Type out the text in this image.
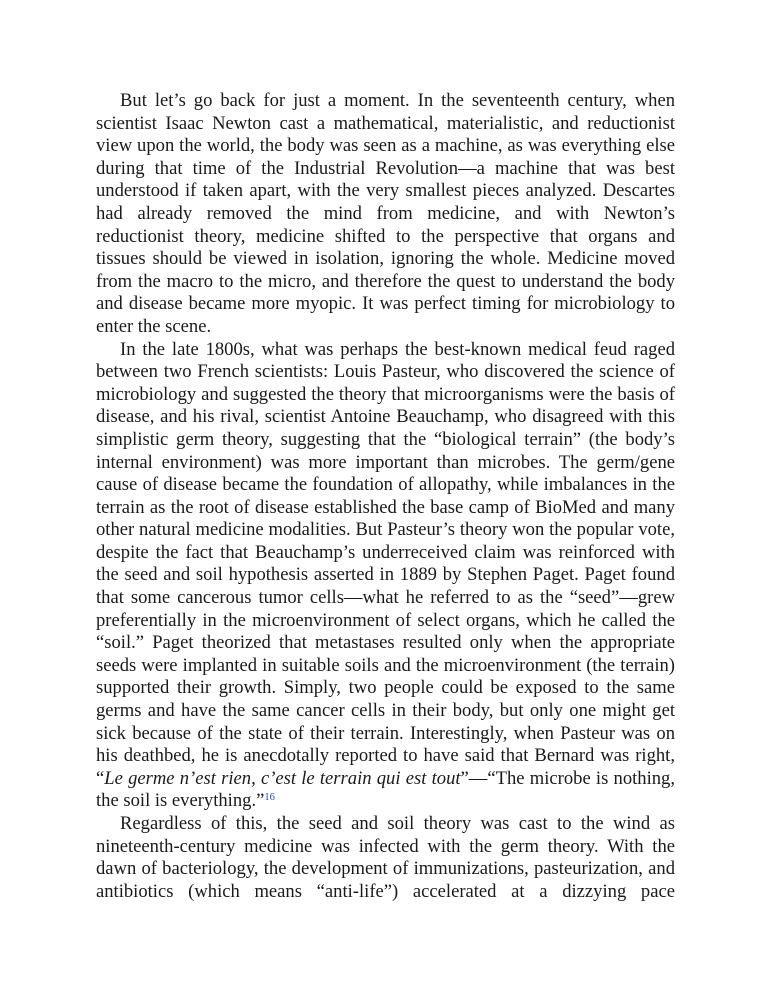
But let’s go back for just a moment. In the seventeenth century, when scientist Isaac Newton cast a mathematical, materialistic, and reductionist view upon the world, the body was seen as a machine, as was everything else during that time of the Industrial Revolution—a machine that was best understood if taken apart, with the very smallest pieces analyzed. Descartes had already removed the mind from medicine, and with Newton’s reductionist theory, medicine shifted to the perspective that organs and tissues should be viewed in isolation, ignoring the whole. Medicine moved from the macro to the micro, and therefore the quest to understand the body and disease became more myopic. It was perfect timing for microbiology to enter the scene.

In the late 1800s, what was perhaps the best-known medical feud raged between two French scientists: Louis Pasteur, who discovered the science of microbiology and suggested the theory that microorganisms were the basis of disease, and his rival, scientist Antoine Beauchamp, who disagreed with this simplistic germ theory, suggesting that the “biological terrain” (the body’s internal environment) was more important than microbes. The germ/gene cause of disease became the foundation of allopathy, while imbalances in the terrain as the root of disease established the base camp of BioMed and many other natural medicine modalities. But Pasteur’s theory won the popular vote, despite the fact that Beauchamp’s underreceived claim was reinforced with the seed and soil hypothesis asserted in 1889 by Stephen Paget. Paget found that some cancerous tumor cells—what he referred to as the “seed”—grew preferentially in the microenvironment of select organs, which he called the “soil.” Paget theorized that metastases resulted only when the appropriate seeds were implanted in suitable soils and the microenvironment (the terrain) supported their growth. Simply, two people could be exposed to the same germs and have the same cancer cells in their body, but only one might get sick because of the state of their terrain. Interestingly, when Pasteur was on his deathbed, he is anecdotally reported to have said that Bernard was right, “Le germe n’est rien, c’est le terrain qui est tout”—“The microbe is nothing, the soil is everything.”$^{16}$

Regardless of this, the seed and soil theory was cast to the wind as nineteenth-century medicine was infected with the germ theory. With the dawn of bacteriology, the development of immunizations, pasteurization, and antibiotics (which means “anti-life”) accelerated at a dizzying pace
